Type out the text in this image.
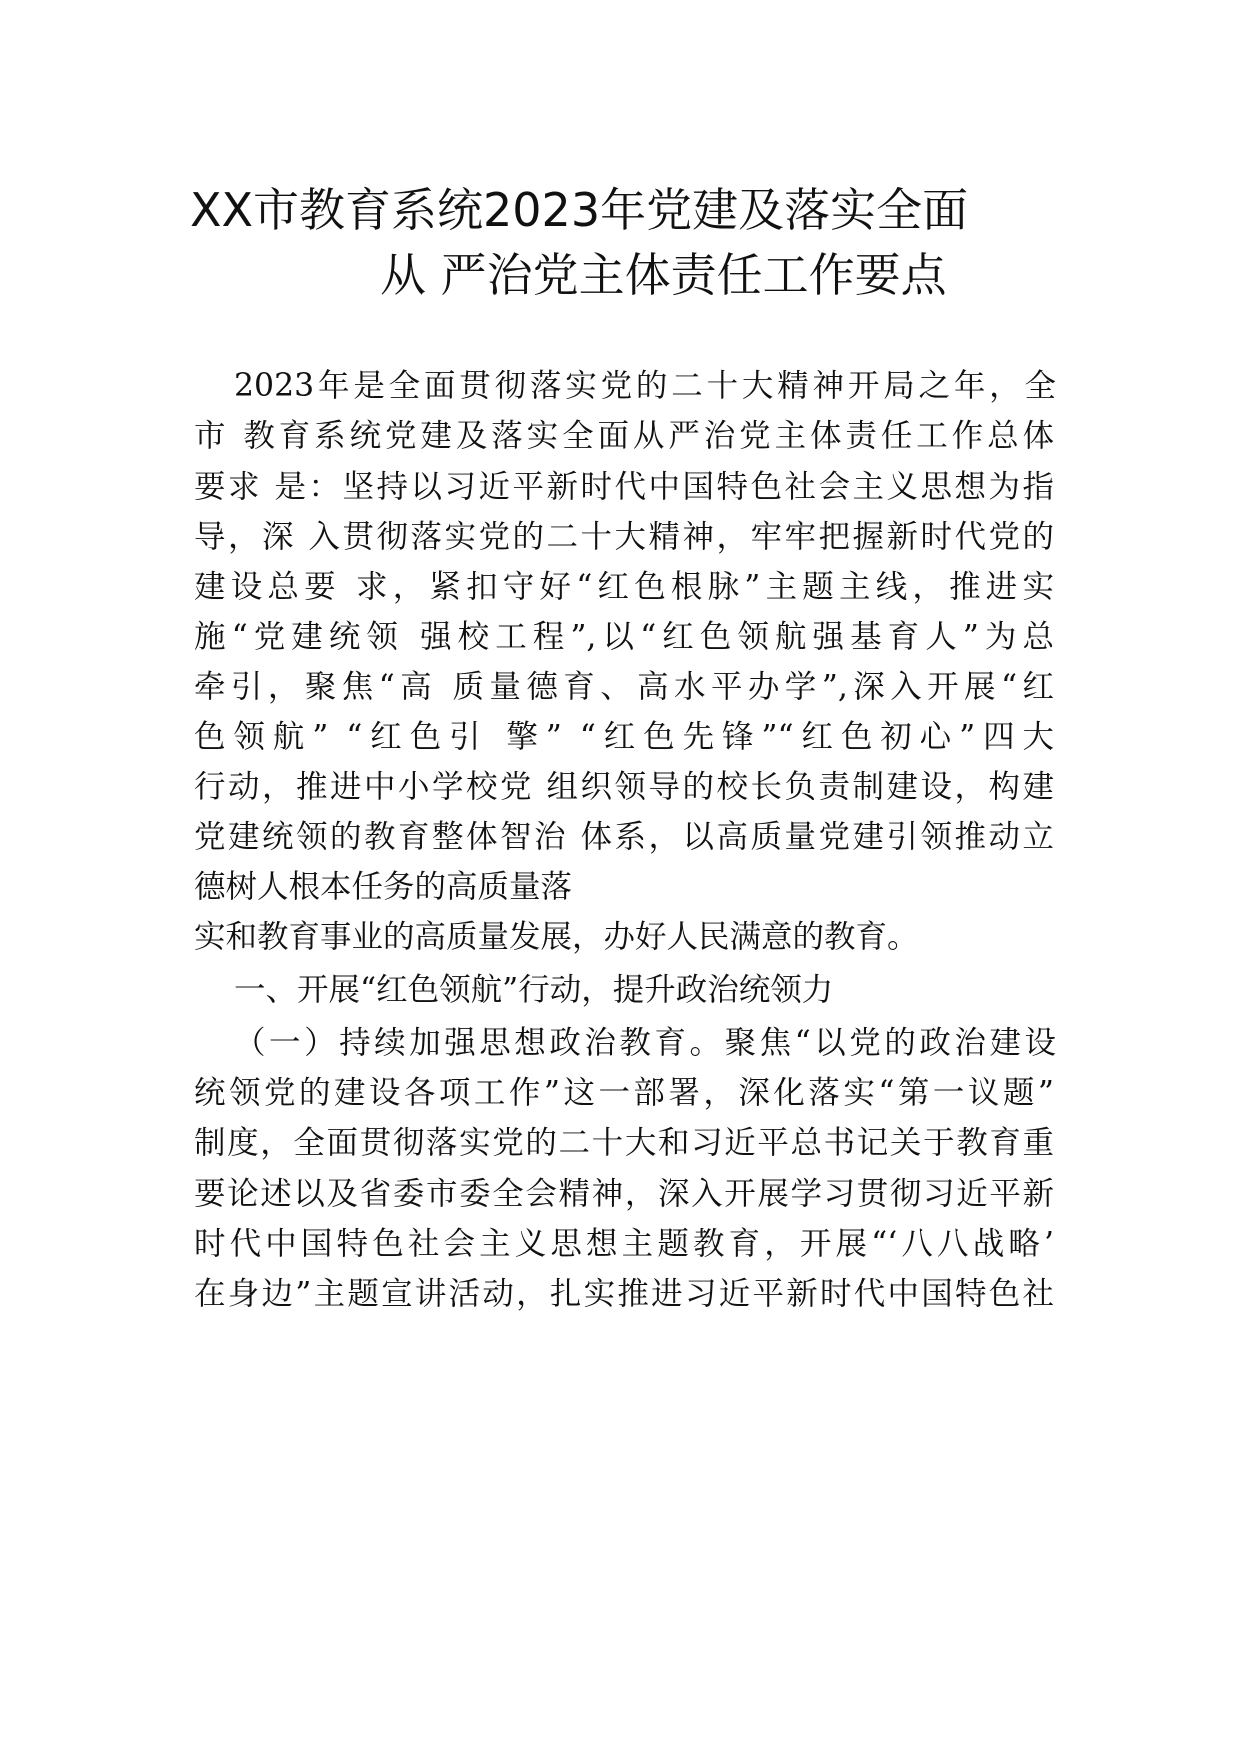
XX市教育系统2023年党建及落实全面
从 严治党主体责任工作要点
2023年是全面贯彻落实党的二十大精神开局之年，全
市 教育系统党建及落实全面从严治党主体责任工作总体
要求 是：坚持以习近平新时代中国特色社会主义思想为指
导，深 入贯彻落实党的二十大精神，牢牢把握新时代党的
建设总要 求，紧扣守好“红色根脉”主题主线，推进实
施“党建统领 强校工程”,以“红色领航强基育人”为总
牵引，聚焦“高 质量德育、高水平办学”,深入开展“红
色领航” “红色引 擎” “红色先锋”“红色初心”四大
行动，推进中小学校党 组织领导的校长负责制建设，构建
党建统领的教育整体智治 体系，以高质量党建引领推动立
德树人根本任务的高质量落
实和教育事业的高质量发展，办好人民满意的教育。
一、开展“红色领航”行动，提升政治统领力
（一）持续加强思想政治教育。聚焦“以党的政治建设
统领党的建设各项工作”这一部署，深化落实“第一议题”
制度，全面贯彻落实党的二十大和习近平总书记关于教育重
要论述以及省委市委全会精神，深入开展学习贯彻习近平新
时代中国特色社会主义思想主题教育，开展“‘八八战略’
在身边”主题宣讲活动，扎实推进习近平新时代中国特色社
